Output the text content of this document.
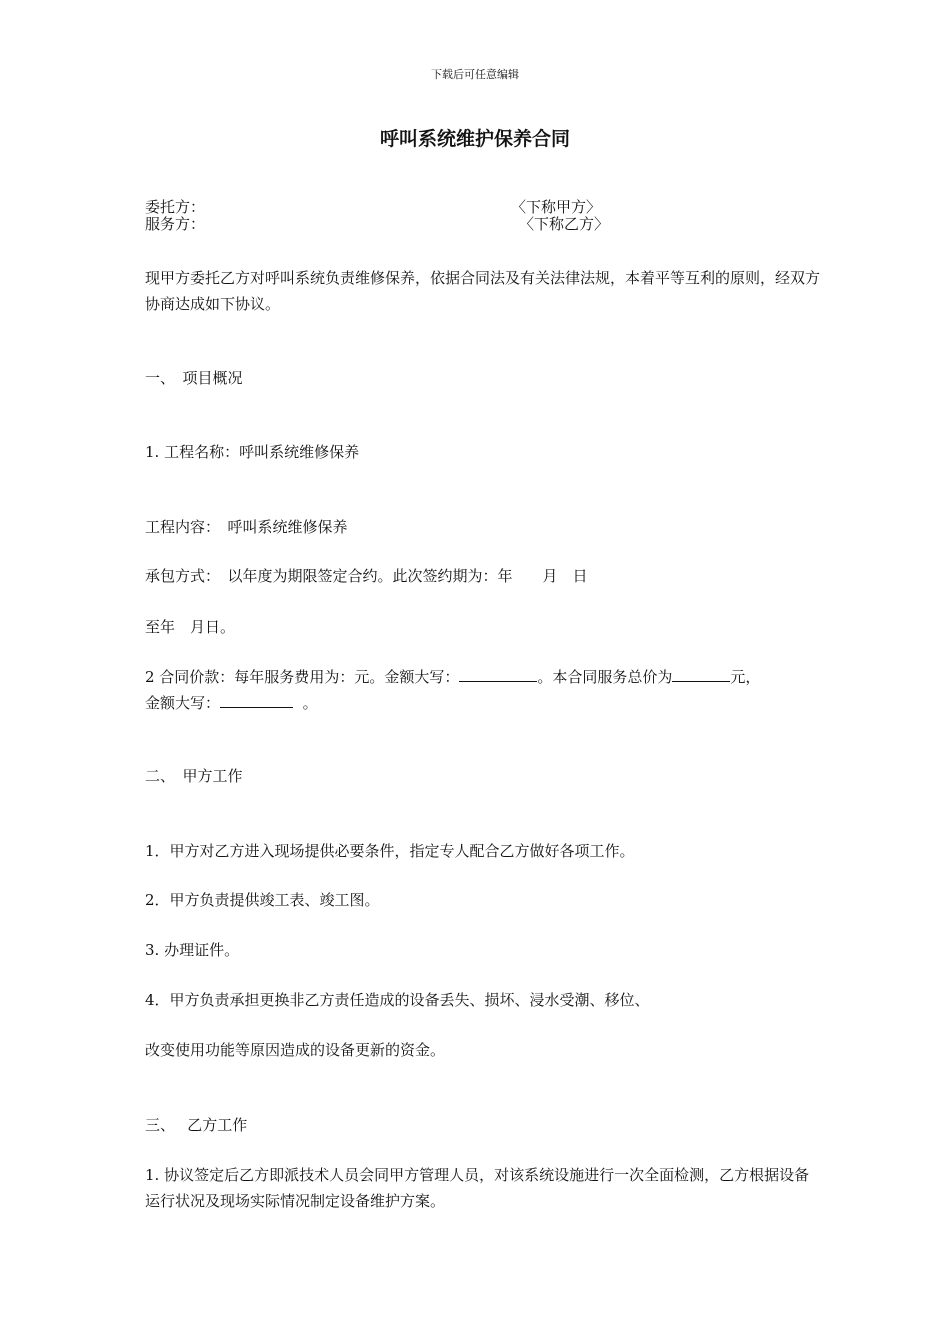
下载后可任意编辑
呼叫系统维护保养合同
委托方：	〈下称甲方〉
服务方：	〈下称乙方〉
现甲方委托乙方对呼叫系统负责维修保养，依据合同法及有关法律法规，本着平等互利的原则，经双方协商达成如下协议。
一、　项目概况
1. 工程名称：呼叫系统维修保养
工程内容：　呼叫系统维修保养
承包方式：　以年度为期限签定合约。此次签约期为：年　　月　日
至年　月日。
2 合同价款：每年服务费用为：元。金额大写：	。本合同服务总价为	元，
金额大写：	。
二、　甲方工作
1．甲方对乙方进入现场提供必要条件，指定专人配合乙方做好各项工作。
2．甲方负责提供竣工表、竣工图。
3. 办理证件。
4．甲方负责承担更换非乙方责任造成的设备丢失、损坏、浸水受潮、移位、
改变使用功能等原因造成的设备更新的资金。
三、　 乙方工作
1. 协议签定后乙方即派技术人员会同甲方管理人员，对该系统设施进行一次全面检测，乙方根据设备运行状况及现场实际情况制定设备维护方案。
